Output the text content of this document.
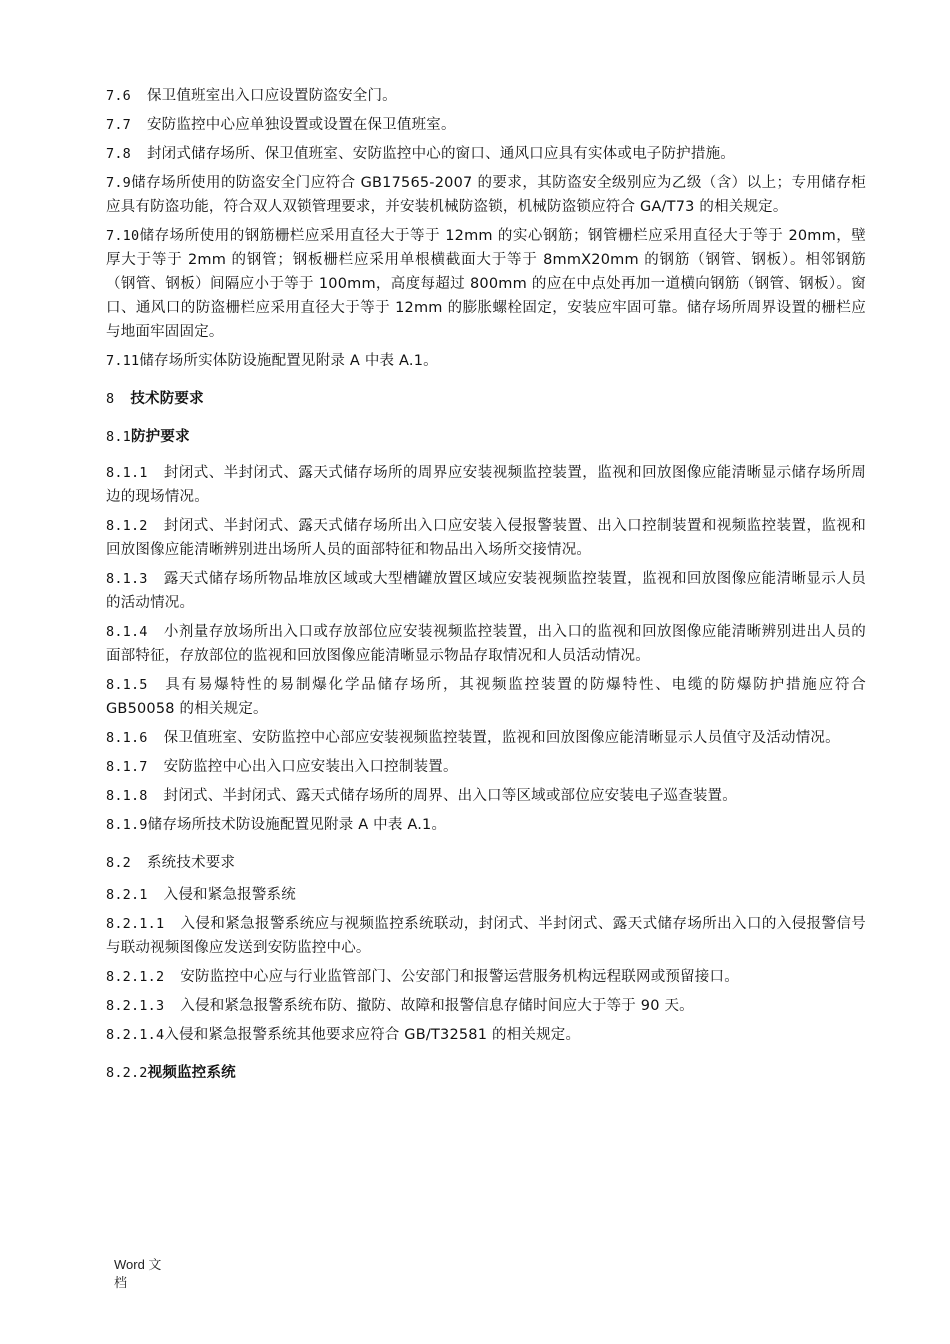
7.6 保卫值班室出入口应设置防盗安全门。
7.7 安防监控中心应单独设置或设置在保卫值班室。
7.8 封闭式储存场所、保卫值班室、安防监控中心的窗口、通风口应具有实体或电子防护措施。
7.9储存场所使用的防盗安全门应符合 GB17565-2007 的要求，其防盗安全级别应为乙级（含）以上；专用储存柜应具有防盗功能，符合双人双锁管理要求，并安装机械防盗锁，机械防盗锁应符合 GA/T73 的相关规定。
7.10储存场所使用的钢筋栅栏应采用直径大于等于 12mm 的实心钢筋；钢管栅栏应采用直径大于等于 20mm，壁厚大于等于 2mm 的钢管；钢板栅栏应采用单根横截面大于等于 8mmX20mm 的钢筋（钢管、钢板）。相邻钢筋（钢管、钢板）间隔应小于等于 100mm，高度每超过 800mm 的应在中点处再加一道横向钢筋（钢管、钢板）。窗口、通风口的防盗栅栏应采用直径大于等于 12mm 的膨胀螺栓固定，安装应牢固可靠。储存场所周界设置的栅栏应与地面牢固固定。
7.11储存场所实体防设施配置见附录 A 中表 A.1。
8 技术防要求
8.1防护要求
8.1.1 封闭式、半封闭式、露天式储存场所的周界应安装视频监控装置，监视和回放图像应能清晰显示储存场所周边的现场情况。
8.1.2 封闭式、半封闭式、露天式储存场所出入口应安装入侵报警装置、出入口控制装置和视频监控装置，监视和回放图像应能清晰辨别进出场所人员的面部特征和物品出入场所交接情况。
8.1.3 露天式储存场所物品堆放区域或大型槽罐放置区域应安装视频监控装置，监视和回放图像应能清晰显示人员的活动情况。
8.1.4 小剂量存放场所出入口或存放部位应安装视频监控装置，出入口的监视和回放图像应能清晰辨别进出人员的面部特征，存放部位的监视和回放图像应能清晰显示物品存取情况和人员活动情况。
8.1.5 具有易爆特性的易制爆化学品储存场所，其视频监控装置的防爆特性、电缆的防爆防护措施应符合 GB50058 的相关规定。
8.1.6 保卫值班室、安防监控中心部应安装视频监控装置，监视和回放图像应能清晰显示人员值守及活动情况。
8.1.7 安防监控中心出入口应安装出入口控制装置。
8.1.8 封闭式、半封闭式、露天式储存场所的周界、出入口等区域或部位应安装电子巡查装置。
8.1.9储存场所技术防设施配置见附录 A 中表 A.1。
8.2 系统技术要求
8.2.1 入侵和紧急报警系统
8.2.1.1 入侵和紧急报警系统应与视频监控系统联动，封闭式、半封闭式、露天式储存场所出入口的入侵报警信号与联动视频图像应发送到安防监控中心。
8.2.1.2 安防监控中心应与行业监管部门、公安部门和报警运营服务机构远程联网或预留接口。
8.2.1.3 入侵和紧急报警系统布防、撤防、故障和报警信息存储时间应大于等于 90 天。
8.2.1.4入侵和紧急报警系统其他要求应符合 GB/T32581 的相关规定。
8.2.2视频监控系统
Word 文档
